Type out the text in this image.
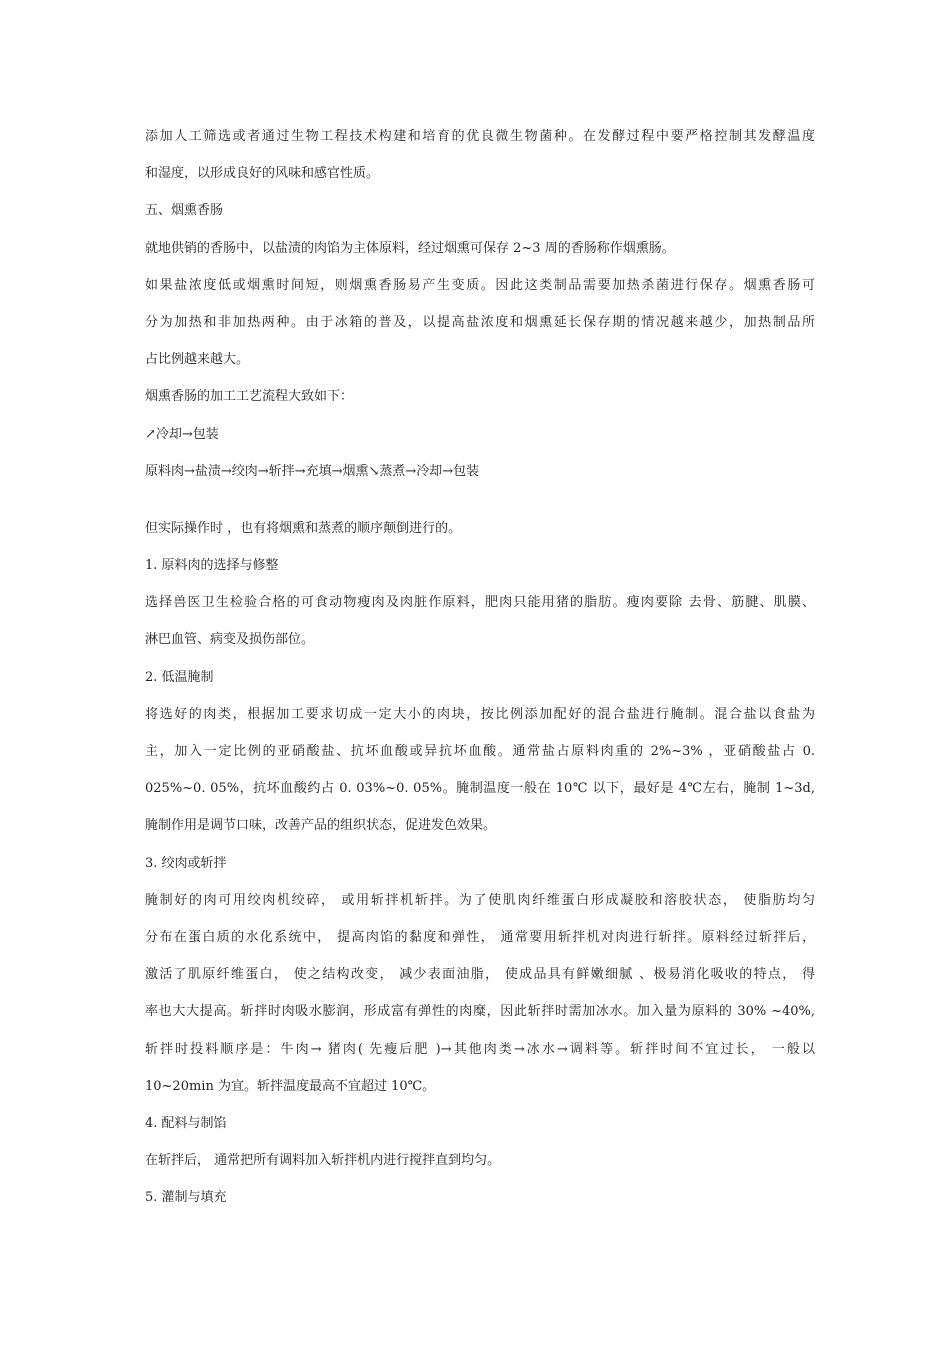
添加人工筛选或者通过生物工程技术构建和培育的优良微生物菌种。在发酵过程中要严格控制其发酵温度
和湿度，以形成良好的风味和感官性质。
五、烟熏香肠
就地供销的香肠中，以盐渍的肉馅为主体原料，经过烟熏可保存 2~3 周的香肠称作烟熏肠。
如果盐浓度低或烟熏时间短，则烟熏香肠易产生变质。因此这类制品需要加热杀菌进行保存。烟熏香肠可
分为加热和非加热两种。由于冰箱的普及，以提高盐浓度和烟熏延长保存期的情况越来越少，加热制品所
占比例越来越大。
烟熏香肠的加工工艺流程大致如下：
↗冷却→包装
原料肉→盐渍→绞肉→斩拌→充填→烟熏↘蒸煮→冷却→包装
但实际操作时 ，也有将烟熏和蒸煮的顺序颠倒进行的。
1. 原料肉的选择与修整
选择兽医卫生检验合格的可食动物瘦肉及肉脏作原料，肥肉只能用猪的脂肪。瘦肉要除 去骨、筋腱、肌膜、
淋巴血管、病变及损伤部位。
2. 低温腌制
将选好的肉类，根据加工要求切成一定大小的肉块，按比例添加配好的混合盐进行腌制。混合盐以食盐为
主，加入一定比例的亚硝酸盐、抗坏血酸或异抗坏血酸。通常盐占原料肉重的 2%~3% ，亚硝酸盐占 0.
025%~0. 05%，抗坏血酸约占 0. 03%~0. 05%。腌制温度一般在 10℃ 以下，最好是 4℃左右，腌制 1~3d,
腌制作用是调节口味，改善产品的组织状态，促进发色效果。
3. 绞肉或斩拌
腌制好的肉可用绞肉机绞碎， 或用斩拌机斩拌。为了使肌肉纤维蛋白形成凝胶和溶胶状态， 使脂肪均匀
分布在蛋白质的水化系统中， 提高肉馅的黏度和弹性， 通常要用斩拌机对肉进行斩拌。原料经过斩拌后，
激活了肌原纤维蛋白， 使之结构改变， 减少表面油脂， 使成品具有鲜嫩细腻 、极易消化吸收的特点， 得
率也大大提高。斩拌时肉吸水膨润，形成富有弹性的肉糜，因此斩拌时需加冰水。加入量为原料的 30% ~40%,
斩拌时投料顺序是：牛肉→ 猪肉( 先瘦后肥 )→其他肉类→冰水→调料等。斩拌时间不宜过长， 一般以
10~20min 为宜。斩拌温度最高不宜超过 10℃。
4. 配料与制馅
在斩拌后， 通常把所有调料加入斩拌机内进行搅拌直到均匀。
5. 灌制与填充
